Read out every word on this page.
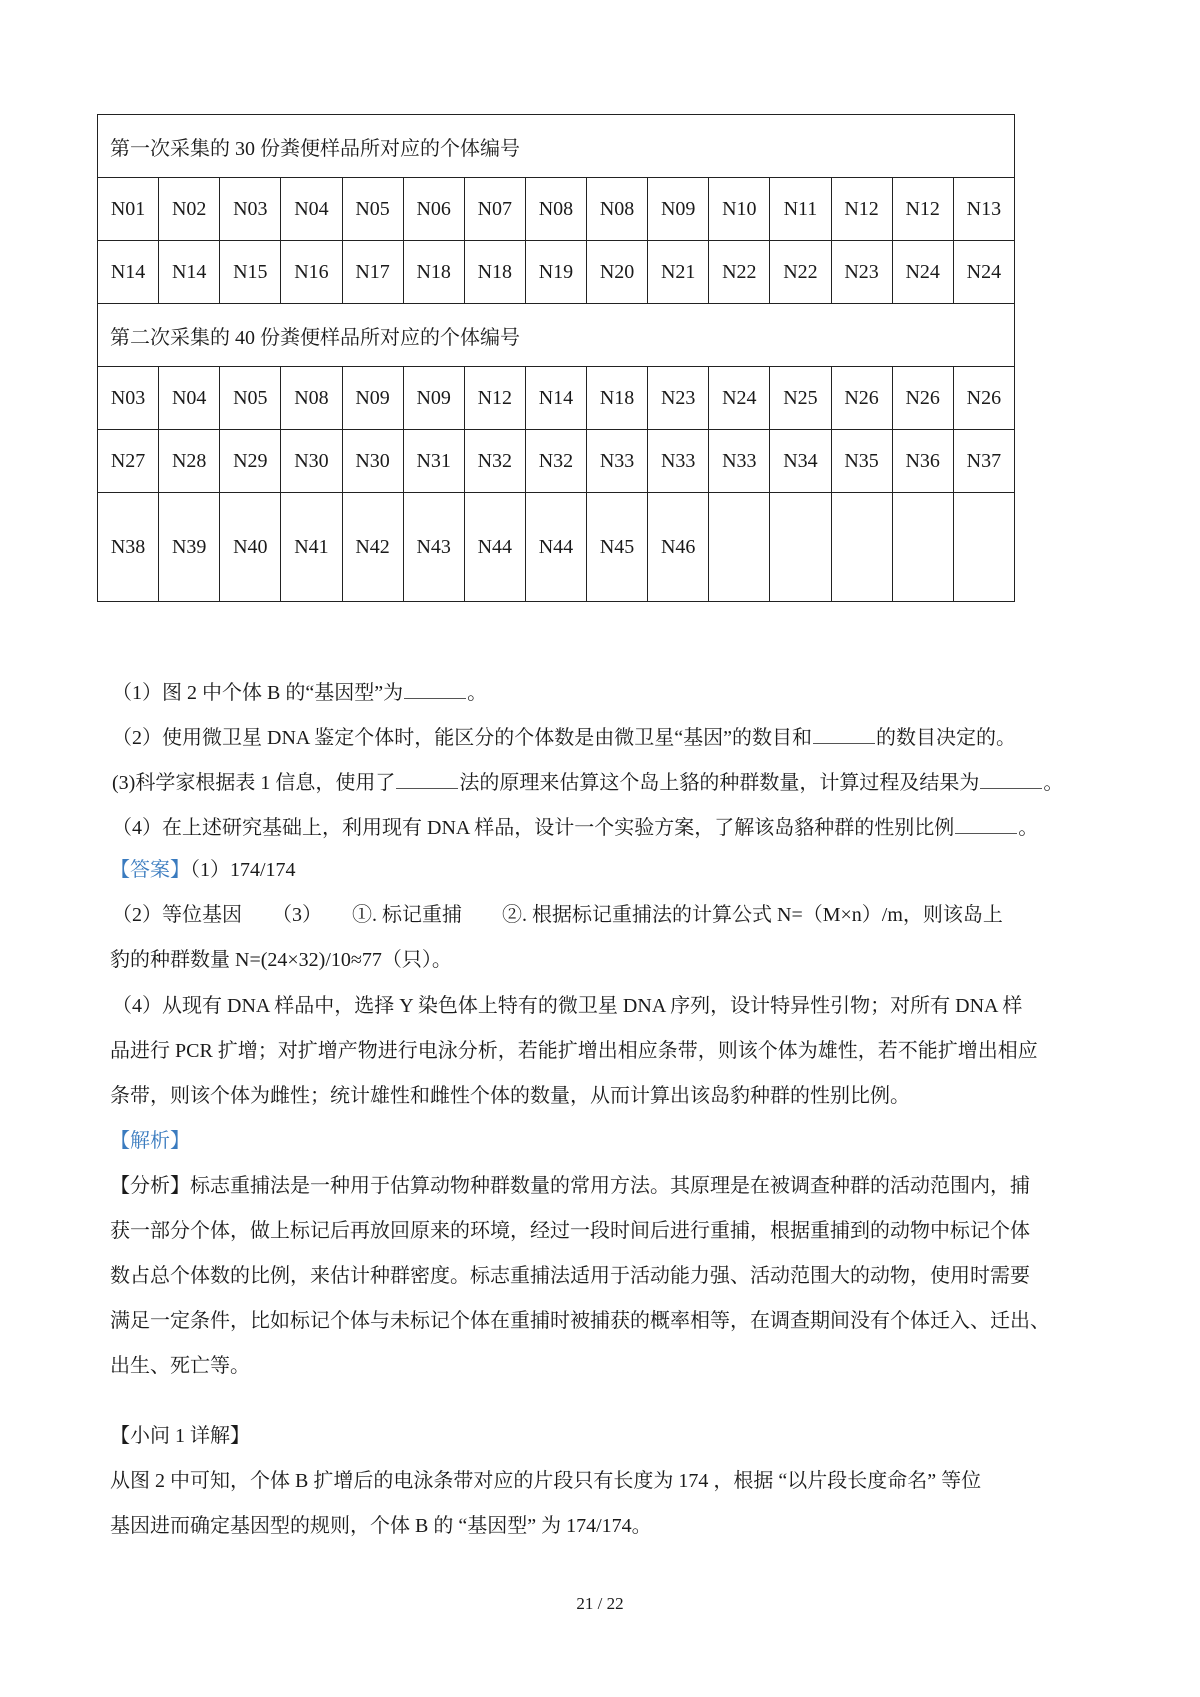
第一次采集的 30 份粪便样品所对应的个体编号														
N01	N02	N03	N04	N05	N06	N07	N08	N08	N09	N10	N11	N12	N12	N13
N14	N14	N15	N16	N17	N18	N18	N19	N20	N21	N22	N22	N23	N24	N24
第二次采集的 40 份粪便样品所对应的个体编号														
N03	N04	N05	N08	N09	N09	N12	N14	N18	N23	N24	N25	N26	N26	N26
N27	N28	N29	N30	N30	N31	N32	N32	N33	N33	N33	N34	N35	N36	N37
N38	N39	N40	N41	N42	N43	N44	N44	N45	N46					
（1）图 2 中个体 B 的“基因型”为	。
（2）使用微卫星 DNA 鉴定个体时，能区分的个体数是由微卫星“基因”的数目和	的数目决定的。
(3)科学家根据表 1 信息，使用了	法的原理来估算这个岛上貉的种群数量，计算过程及结果为	。
（4）在上述研究基础上，利用现有 DNA 样品，设计一个实验方案，了解该岛貉种群的性别比例	。
【答案】（1）174/174
（2）等位基因　　（3）　　①. 标记重捕　　②. 根据标记重捕法的计算公式 N=（M×n）/m，则该岛上
豹的种群数量 N=(24×32)/10≈77（只）。
（4）从现有 DNA 样品中，选择 Y 染色体上特有的微卫星 DNA 序列，设计特异性引物；对所有 DNA 样
品进行 PCR 扩增；对扩增产物进行电泳分析，若能扩增出相应条带，则该个体为雄性，若不能扩增出相应
条带，则该个体为雌性；统计雄性和雌性个体的数量，从而计算出该岛豹种群的性别比例。
【解析】
【分析】标志重捕法是一种用于估算动物种群数量的常用方法。其原理是在被调查种群的活动范围内，捕
获一部分个体，做上标记后再放回原来的环境，经过一段时间后进行重捕，根据重捕到的动物中标记个体
数占总个体数的比例，来估计种群密度。标志重捕法适用于活动能力强、活动范围大的动物，使用时需要
满足一定条件，比如标记个体与未标记个体在重捕时被捕获的概率相等，在调查期间没有个体迁入、迁出、
出生、死亡等。
【小问 1 详解】
从图 2 中可知，个体 B 扩增后的电泳条带对应的片段只有长度为 174 ，根据 “以片段长度命名” 等位
基因进而确定基因型的规则，个体 B 的 “基因型” 为 174/174。
21 / 22
